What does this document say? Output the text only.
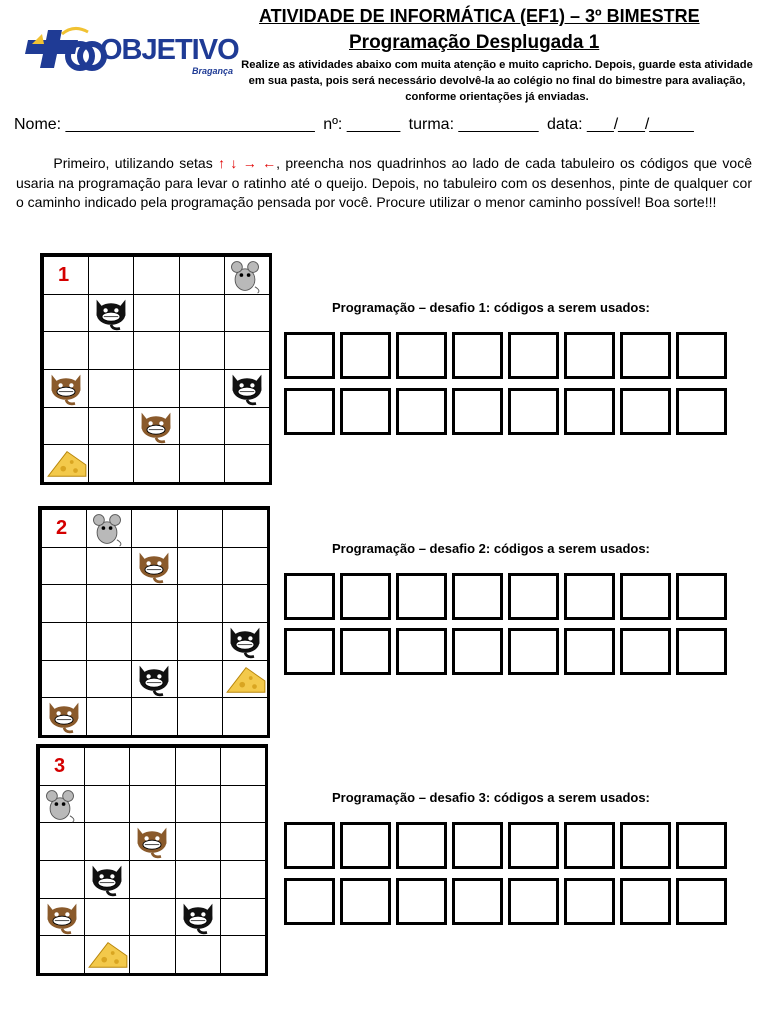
OBJETIVO
Bragança
ATIVIDADE DE INFORMÁTICA (EF1) – 3º BIMESTRE
Programação Desplugada 1
Realize as atividades abaixo com muita atenção e muito capricho. Depois, guarde esta atividade em sua pasta, pois será necessário devolvê-la ao colégio no final do bimestre para avaliação, conforme orientações já enviadas.
Nome: ____________________________ nº: ______ turma: _________ data: ___/___/_____
Primeiro, utilizando setas ↑ ↓ → ←, preencha nos quadrinhos ao lado de cada tabuleiro os códigos que você usaria na programação para levar o ratinho até o queijo. Depois, no tabuleiro com os desenhos, pinte de qualquer cor o caminho indicado pela programação pensada por você. Procure utilizar o menor caminho possível! Boa sorte!!!
1
Programação – desafio 1: códigos a serem usados:
2
Programação – desafio 2: códigos a serem usados:
3
Programação – desafio 3: códigos a serem usados:
